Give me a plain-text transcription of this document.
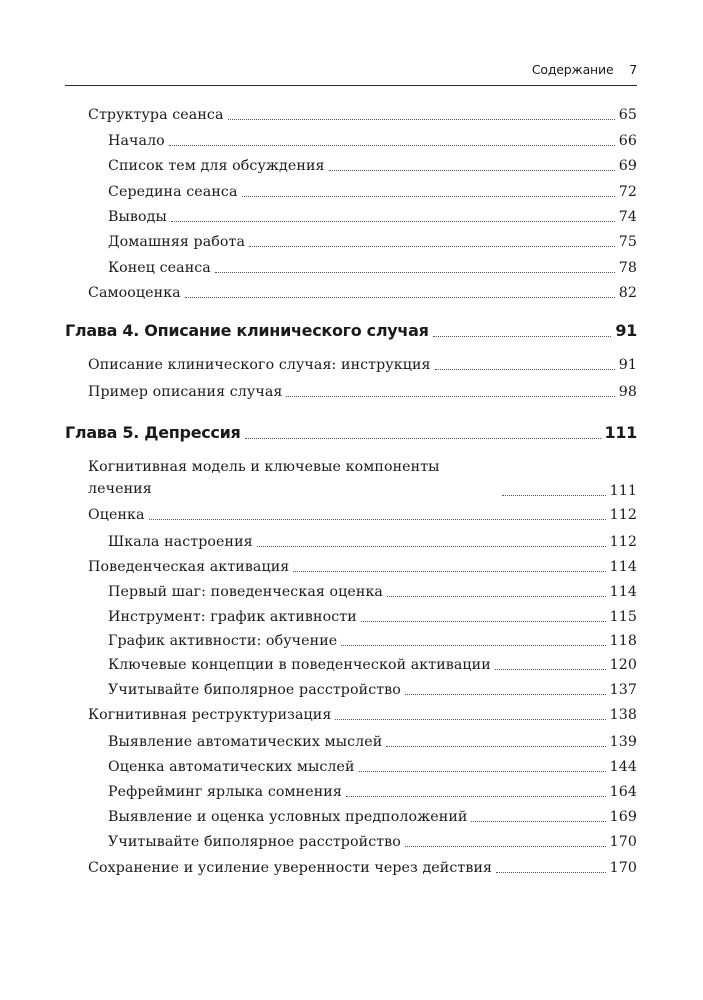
Содержание 7
Структура сеанса	65
Начало	66
Список тем для обсуждения	69
Середина сеанса	72
Выводы	74
Домашняя работа	75
Конец сеанса	78
Самооценка	82
Глава 4. Описание клинического случая	91
Описание клинического случая: инструкция	91
Пример описания случая	98
Глава 5. Депрессия	111
Когнитивная модель и ключевые компоненты лечения	111
Оценка	112
Шкала настроения	112
Поведенческая активация	114
Первый шаг: поведенческая оценка	114
Инструмент: график активности	115
График активности: обучение	118
Ключевые концепции в поведенческой активации	120
Учитывайте биполярное расстройство	137
Когнитивная реструктуризация	138
Выявление автоматических мыслей	139
Оценка автоматических мыслей	144
Рефрейминг ярлыка сомнения	164
Выявление и оценка условных предположений	169
Учитывайте биполярное расстройство	170
Сохранение и усиление уверенности через действия	170
